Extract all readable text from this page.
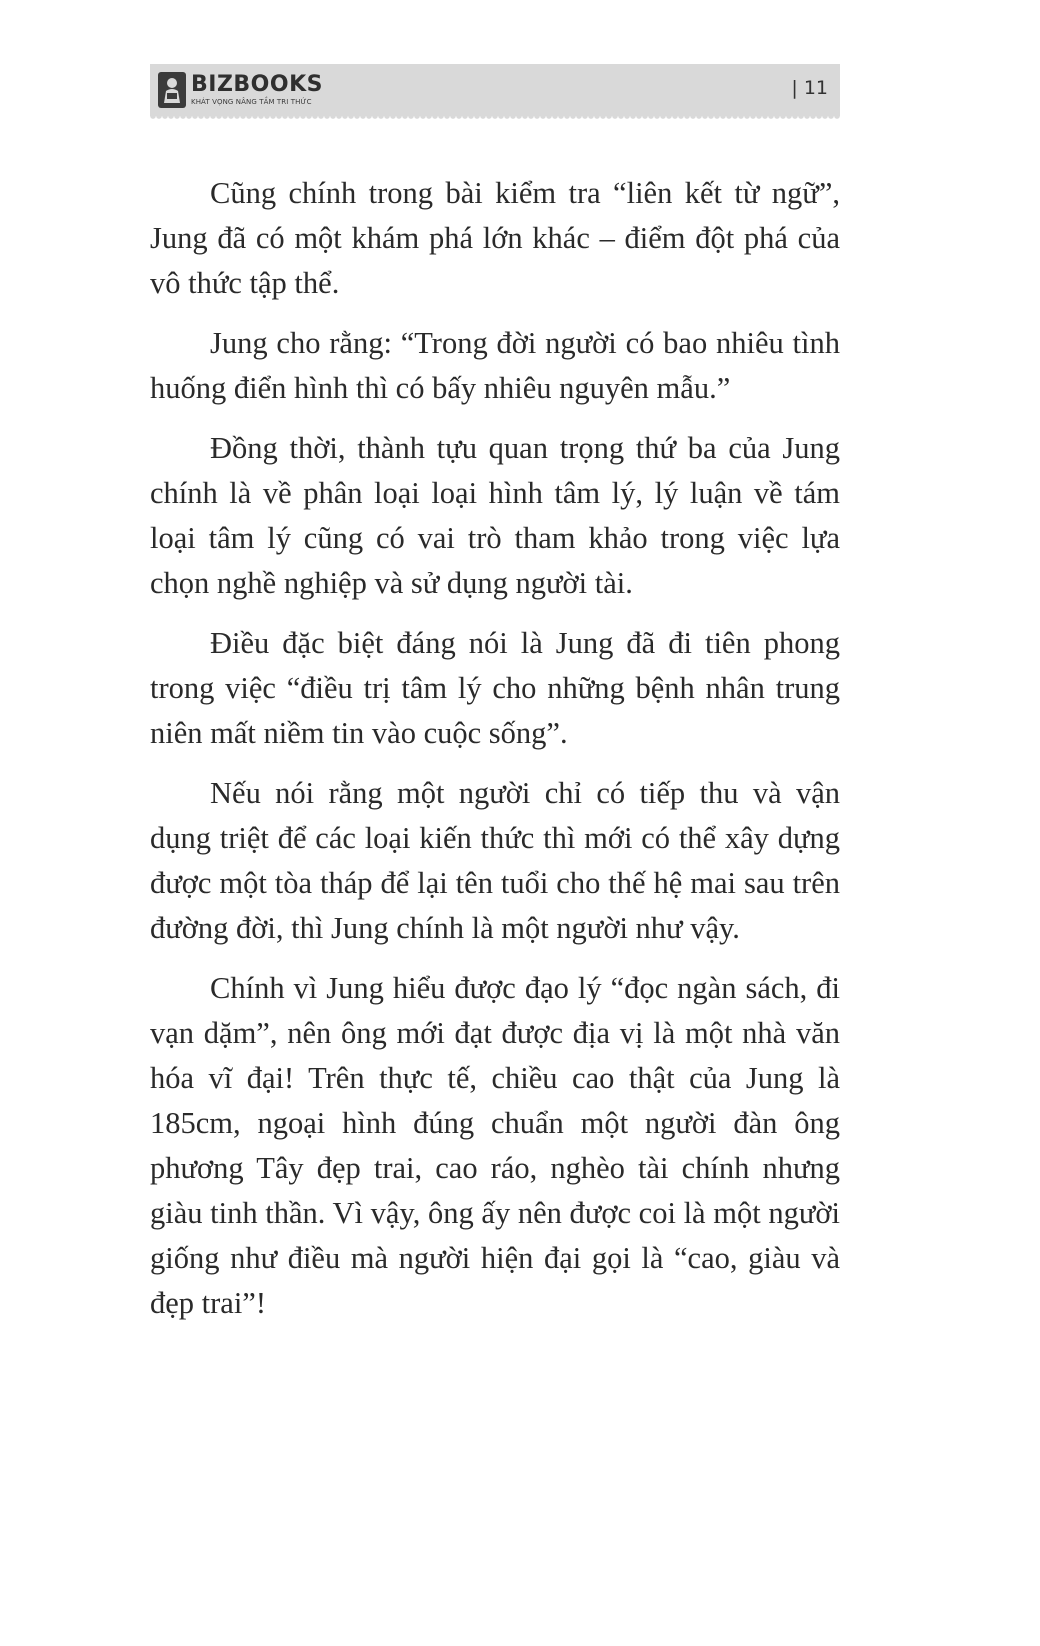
BIZBOOKS
KHÁT VỌNG NÂNG TẦM TRI THỨC
| 11

Cũng chính trong bài kiểm tra “liên kết từ ngữ”, Jung đã có một khám phá lớn khác – điểm đột phá của vô thức tập thể.

Jung cho rằng: “Trong đời người có bao nhiêu tình huống điển hình thì có bấy nhiêu nguyên mẫu.”

Đồng thời, thành tựu quan trọng thứ ba của Jung chính là về phân loại loại hình tâm lý, lý luận về tám loại tâm lý cũng có vai trò tham khảo trong việc lựa chọn nghề nghiệp và sử dụng người tài.

Điều đặc biệt đáng nói là Jung đã đi tiên phong trong việc “điều trị tâm lý cho những bệnh nhân trung niên mất niềm tin vào cuộc sống”.

Nếu nói rằng một người chỉ có tiếp thu và vận dụng triệt để các loại kiến thức thì mới có thể xây dựng được một tòa tháp để lại tên tuổi cho thế hệ mai sau trên đường đời, thì Jung chính là một người như vậy.

Chính vì Jung hiểu được đạo lý “đọc ngàn sách, đi vạn dặm”, nên ông mới đạt được địa vị là một nhà văn hóa vĩ đại! Trên thực tế, chiều cao thật của Jung là 185cm, ngoại hình đúng chuẩn một người đàn ông phương Tây đẹp trai, cao ráo, nghèo tài chính nhưng giàu tinh thần. Vì vậy, ông ấy nên được coi là một người giống như điều mà người hiện đại gọi là “cao, giàu và đẹp trai”!
